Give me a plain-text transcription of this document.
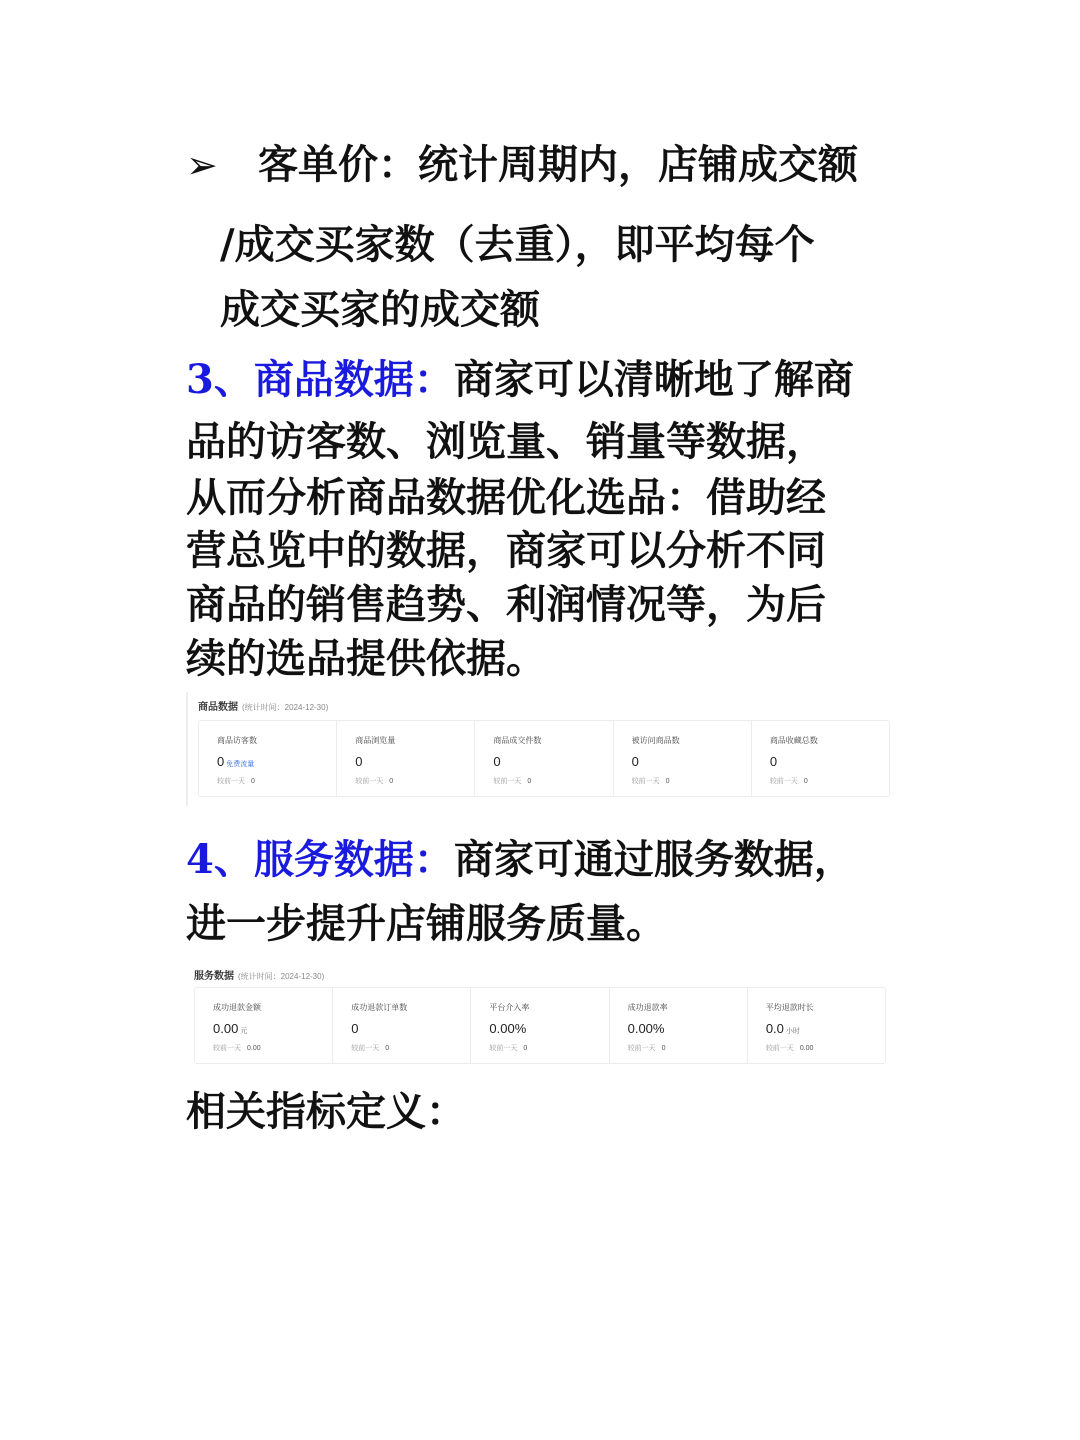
➢ 客单价：统计周期内，店铺成交额
/成交买家数（去重），即平均每个
成交买家的成交额
3、商品数据：商家可以清晰地了解商
品的访客数、浏览量、销量等数据，
从而分析商品数据优化选品：借助经
营总览中的数据，商家可以分析不同
商品的销售趋势、利润情况等，为后
续的选品提供依据。
商品数据 (统计时间：2024-12-30)
商品访客数
0 免费流量
较前一天 0
商品浏览量
0
较前一天 0
商品成交件数
0
较前一天 0
被访问商品数
0
较前一天 0
商品收藏总数
0
较前一天 0
4、服务数据：商家可通过服务数据，
进一步提升店铺服务质量。
服务数据 (统计时间：2024-12-30)
成功退款金额
0.00 元
较前一天 0.00
成功退款订单数
0
较前一天 0
平台介入率
0.00%
较前一天 0
成功退款率
0.00%
较前一天 0
平均退款时长
0.0 小时
较前一天 0.00
相关指标定义：
